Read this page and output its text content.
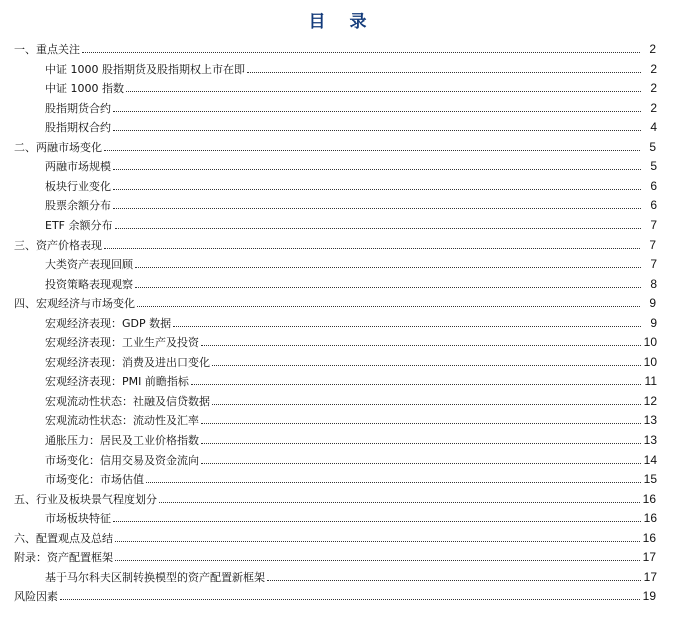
目 录
一、重点关注	2
中证 1000 股指期货及股指期权上市在即	2
中证 1000 指数	2
股指期货合约	2
股指期权合约	4
二、两融市场变化	5
两融市场规模	5
板块行业变化	6
股票余额分布	6
ETF 余额分布	7
三、资产价格表现	7
大类资产表现回顾	7
投资策略表现观察	8
四、宏观经济与市场变化	9
宏观经济表现：GDP 数据	9
宏观经济表现：工业生产及投资	10
宏观经济表现：消费及进出口变化	10
宏观经济表现：PMI 前瞻指标	11
宏观流动性状态：社融及信贷数据	12
宏观流动性状态：流动性及汇率	13
通胀压力：居民及工业价格指数	13
市场变化：信用交易及资金流向	14
市场变化：市场估值	15
五、行业及板块景气程度划分	16
市场板块特征	16
六、配置观点及总结	16
附录：资产配置框架	17
基于马尔科夫区制转换模型的资产配置新框架	17
风险因素	19
